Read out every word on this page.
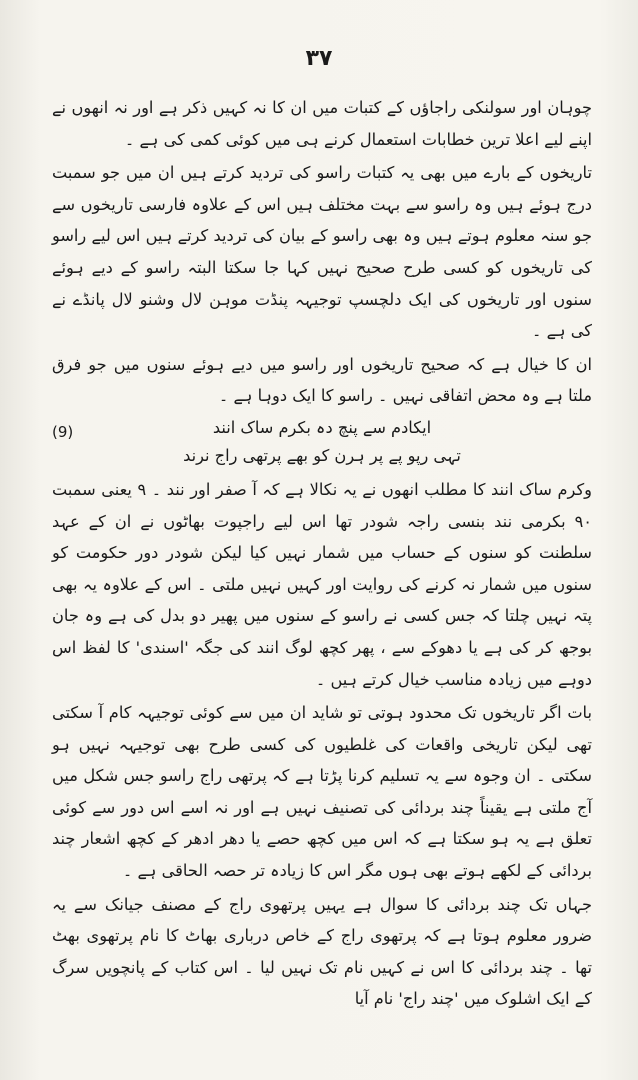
۳۷

چوہان اور سولنکی راجاؤں کے کتبات میں ان کا نہ کہیں ذکر ہے اور نہ انھوں نے اپنے لیے اعلا ترین خطابات استعمال کرنے ہی میں کوئی کمی کی ہے ۔

تاریخوں کے بارے میں بھی یہ کتبات راسو کی تردید کرتے ہیں ان میں جو سمبت درج ہوئے ہیں وہ راسو سے بہت مختلف ہیں اس کے علاوہ فارسی تاریخوں سے جو سنہ معلوم ہوتے ہیں وہ بھی راسو کے بیان کی تردید کرتے ہیں اس لیے راسو کی تاریخوں کو کسی طرح صحیح نہیں کہا جا سکتا البتہ راسو کے دیے ہوئے سنوں اور تاریخوں کی ایک دلچسپ توجیہہ پنڈت موہن لال وشنو لال پانڈے نے کی ہے ۔

ان کا خیال ہے کہ صحیح تاریخوں اور راسو میں دیے ہوئے سنوں میں جو فرق ملتا ہے وہ محض اتفاقی نہیں ۔ راسو کا ایک دوہا ہے ۔

ایکادم سے پنچ دہ بکرم ساک انند
تہی رپو پے پر ہرن کو بھے پرتھی راج نرند
(9)

وکرم ساک انند کا مطلب انھوں نے یہ نکالا ہے کہ آ صفر اور نند ۔ ۹ یعنی سمبت ۹۰ بکرمی نند بنسی راجہ شودر تھا اس لیے راجپوت بھاٹوں نے ان کے عہد سلطنت کو سنوں کے حساب میں شمار نہیں کیا لیکن شودر دور حکومت کو سنوں میں شمار نہ کرنے کی روایت اور کہیں نہیں ملتی ۔ اس کے علاوہ یہ بھی پتہ نہیں چلتا کہ جس کسی نے راسو کے سنوں میں پھیر دو بدل کی ہے وہ جان بوجھ کر کی ہے یا دھوکے سے ، پھر کچھ لوگ انند کی جگہ 'اسندی' کا لفظ اس دوہے میں زیادہ مناسب خیال کرتے ہیں ۔

بات اگر تاریخوں تک محدود ہوتی تو شاید ان میں سے کوئی توجیہہ کام آ سکتی تھی لیکن تاریخی واقعات کی غلطیوں کی کسی طرح بھی توجیہہ نہیں ہو سکتی ۔ ان وجوہ سے یہ تسلیم کرنا پڑتا ہے کہ پرتھی راج راسو جس شکل میں آج ملتی ہے یقیناً چند بردائی کی تصنیف نہیں ہے اور نہ اسے اس دور سے کوئی تعلق ہے یہ ہو سکتا ہے کہ اس میں کچھ حصے یا دھر ادھر کے کچھ اشعار چند بردائی کے لکھے ہوتے بھی ہوں مگر اس کا زیادہ تر حصہ الحاقی ہے ۔

جہاں تک چند بردائی کا سوال ہے یہیں پرتھوی راج کے مصنف جیانک سے یہ ضرور معلوم ہوتا ہے کہ پرتھوی راج کے خاص درباری بھاٹ کا نام پرتھوی بھٹ تھا ۔ چند بردائی کا اس نے کہیں نام تک نہیں لیا ۔ اس کتاب کے پانچویں سرگ کے ایک اشلوک میں 'چند راج' نام آیا
